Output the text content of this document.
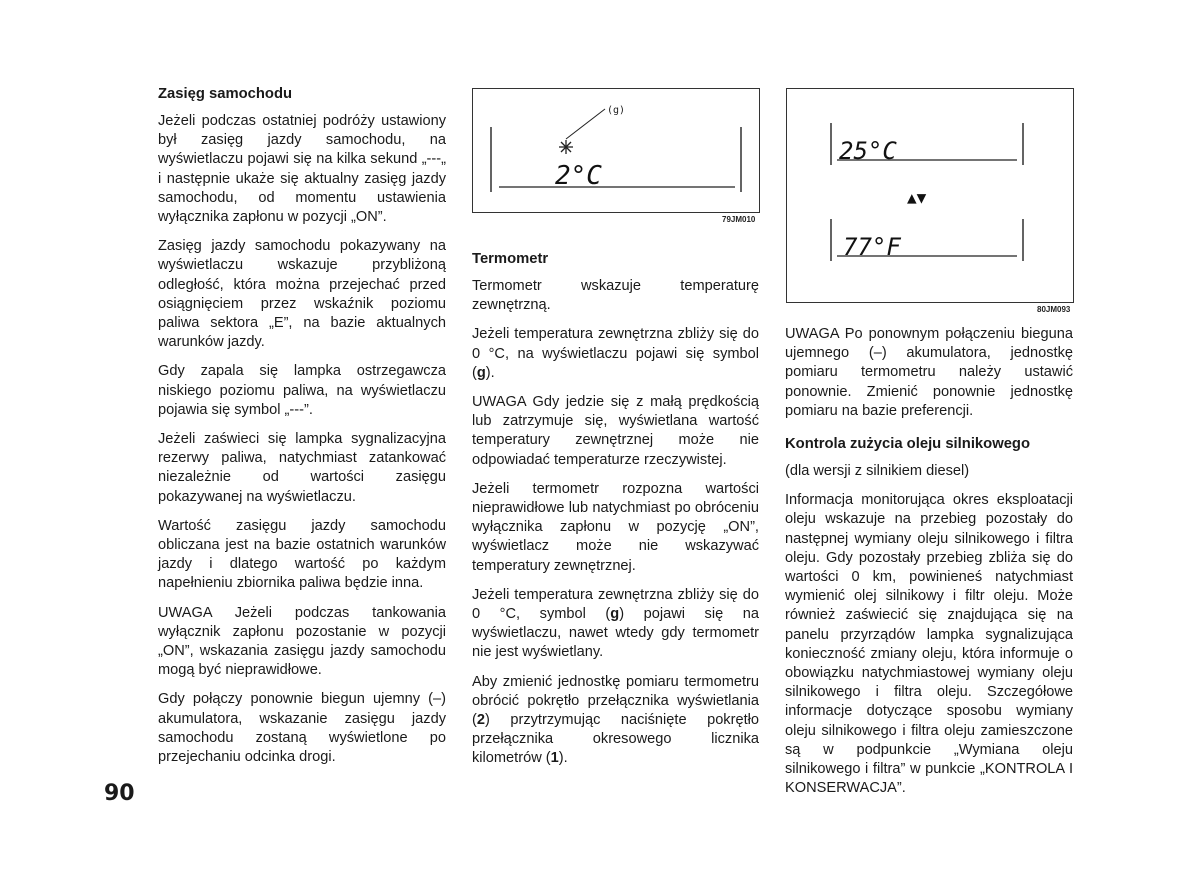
Zasięg samochodu

Jeżeli podczas ostatniej podróży ustawiony był zasięg jazdy samochodu, na wyświetlaczu pojawi się na kilka sekund „---„ i następnie ukaże się aktualny zasięg jazdy samochodu, od momentu ustawienia wyłącznika zapłonu w pozycji „ON”.

Zasięg jazdy samochodu pokazywany na wyświetlaczu wskazuje przybliżoną odległość, która można przejechać przed osiągnięciem przez wskaźnik poziomu paliwa sektora „E”, na bazie aktualnych warunków jazdy.

Gdy zapala się lampka ostrzegawcza niskiego poziomu paliwa, na wyświetlaczu pojawia się symbol „---”.

Jeżeli zaświeci się lampka sygnalizacyjna rezerwy paliwa, natychmiast zatankować niezależnie od wartości zasięgu pokazywanej na wyświetlaczu.

Wartość zasięgu jazdy samochodu obliczana jest na bazie ostatnich warunków jazdy i dlatego wartość po każdym napełnieniu zbiornika paliwa będzie inna.

UWAGA Jeżeli podczas tankowania wyłącznik zapłonu pozostanie w pozycji „ON”, wskazania zasięgu jazdy samochodu mogą być nieprawidłowe.

Gdy połączy ponownie biegun ujemny (–) akumulatora, wskazanie zasięgu jazdy samochodu zostaną wyświetlone po przejechaniu odcinka drogi.

(g)
2°C
79JM010
Termometr

Termometr wskazuje temperaturę zewnętrzną.

Jeżeli temperatura zewnętrzna zbliży się do 0 °C, na wyświetlaczu pojawi się symbol (g).

UWAGA Gdy jedzie się z małą prędkością lub zatrzymuje się, wyświetlana wartość temperatury zewnętrznej może nie odpowiadać temperaturze rzeczywistej.

Jeżeli termometr rozpozna wartości nieprawidłowe lub natychmiast po obróceniu wyłącznika zapłonu w pozycję „ON”, wyświetlacz może nie wskazywać temperatury zewnętrznej.

Jeżeli temperatura zewnętrzna zbliży się do 0 °C, symbol (g) pojawi się na wyświetlaczu, nawet wtedy gdy termometr nie jest wyświetlany.

Aby zmienić jednostkę pomiaru termometru obrócić pokrętło przełącznika wyświetlania (2) przytrzymując naciśnięte pokrętło przełącznika okresowego licznika kilometrów (1).

25°C
▲▼
77°F
80JM093

UWAGA Po ponownym połączeniu bieguna ujemnego (–) akumulatora, jednostkę pomiaru termometru należy ustawić ponownie. Zmienić ponownie jednostkę pomiaru na bazie preferencji.

Kontrola zużycia oleju silnikowego

(dla wersji z silnikiem diesel)

Informacja monitorująca okres eksploatacji oleju wskazuje na przebieg pozostały do następnej wymiany oleju silnikowego i filtra oleju. Gdy pozostały przebieg zbliża się do wartości 0 km, powinieneś natychmiast wymienić olej silnikowy i filtr oleju. Może również zaświecić się znajdująca się na panelu przyrządów lampka sygnalizująca konieczność zmiany oleju, która informuje o obowiązku natychmiastowej wymiany oleju silnikowego i filtra oleju. Szczegółowe informacje dotyczące sposobu wymiany oleju silnikowego i filtra oleju zamieszczone są w podpunkcie „Wymiana oleju silnikowego i filtra” w punkcie „KONTROLA I KONSERWACJA”.

90
